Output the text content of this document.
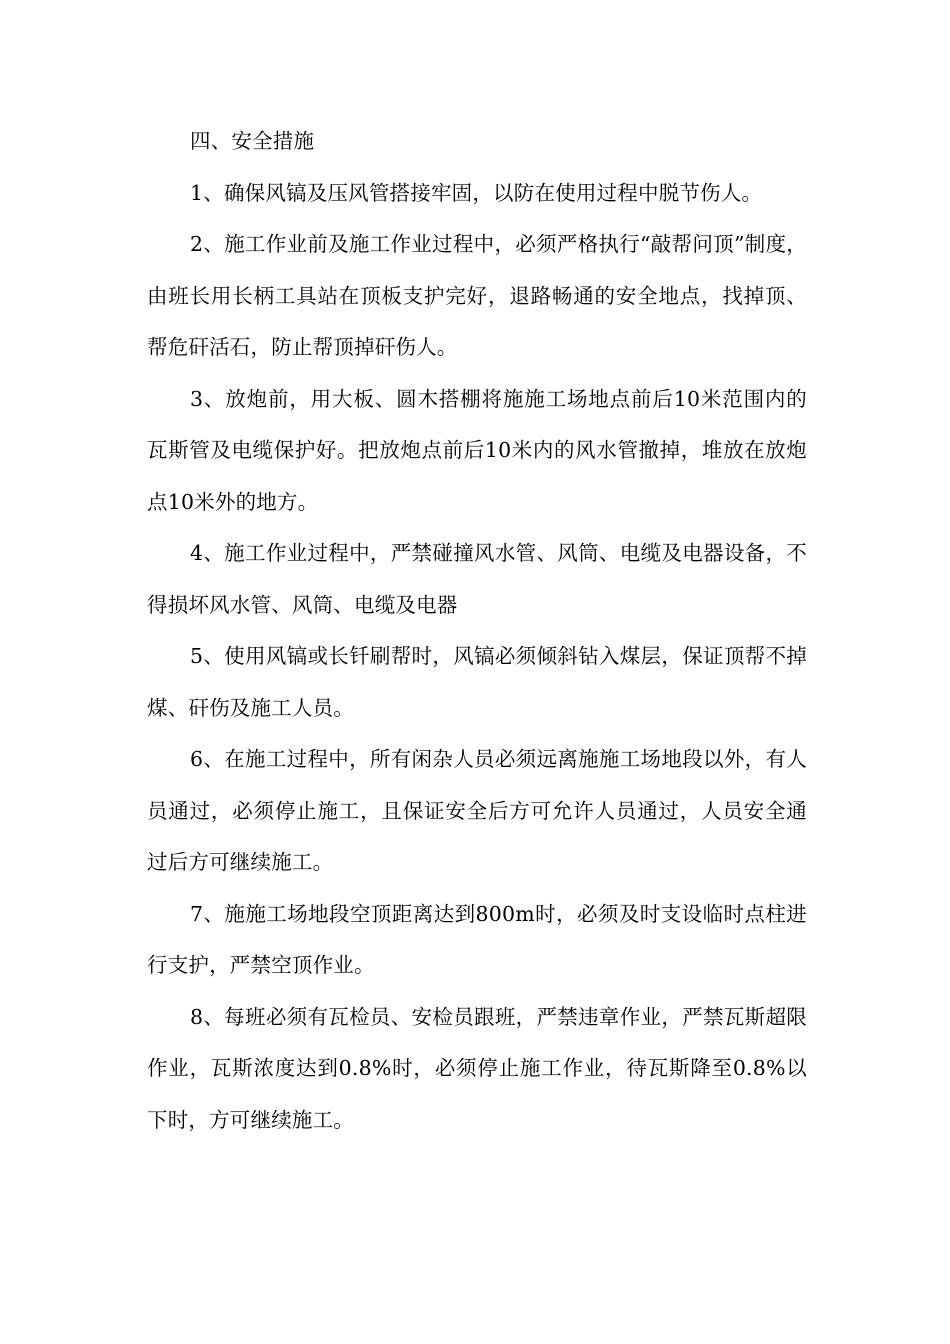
四、安全措施

1、确保风镐及压风管搭接牢固，以防在使用过程中脱节伤人。

2、施工作业前及施工作业过程中，必须严格执行“敲帮问顶”制度，由班长用长柄工具站在顶板支护完好，退路畅通的安全地点，找掉顶、帮危矸活石，防止帮顶掉矸伤人。

3、放炮前，用大板、圆木搭棚将施施工场地点前后10米范围内的瓦斯管及电缆保护好。把放炮点前后10米内的风水管撤掉，堆放在放炮点10米外的地方。

4、施工作业过程中，严禁碰撞风水管、风筒、电缆及电器设备，不得损坏风水管、风筒、电缆及电器

5、使用风镐或长钎刷帮时，风镐必须倾斜钻入煤层，保证顶帮不掉煤、矸伤及施工人员。

6、在施工过程中，所有闲杂人员必须远离施施工场地段以外，有人员通过，必须停止施工，且保证安全后方可允许人员通过，人员安全通过后方可继续施工。

7、施施工场地段空顶距离达到800m时，必须及时支设临时点柱进行支护，严禁空顶作业。

8、每班必须有瓦检员、安检员跟班，严禁违章作业，严禁瓦斯超限作业，瓦斯浓度达到0.8%时，必须停止施工作业，待瓦斯降至0.8%以下时，方可继续施工。
